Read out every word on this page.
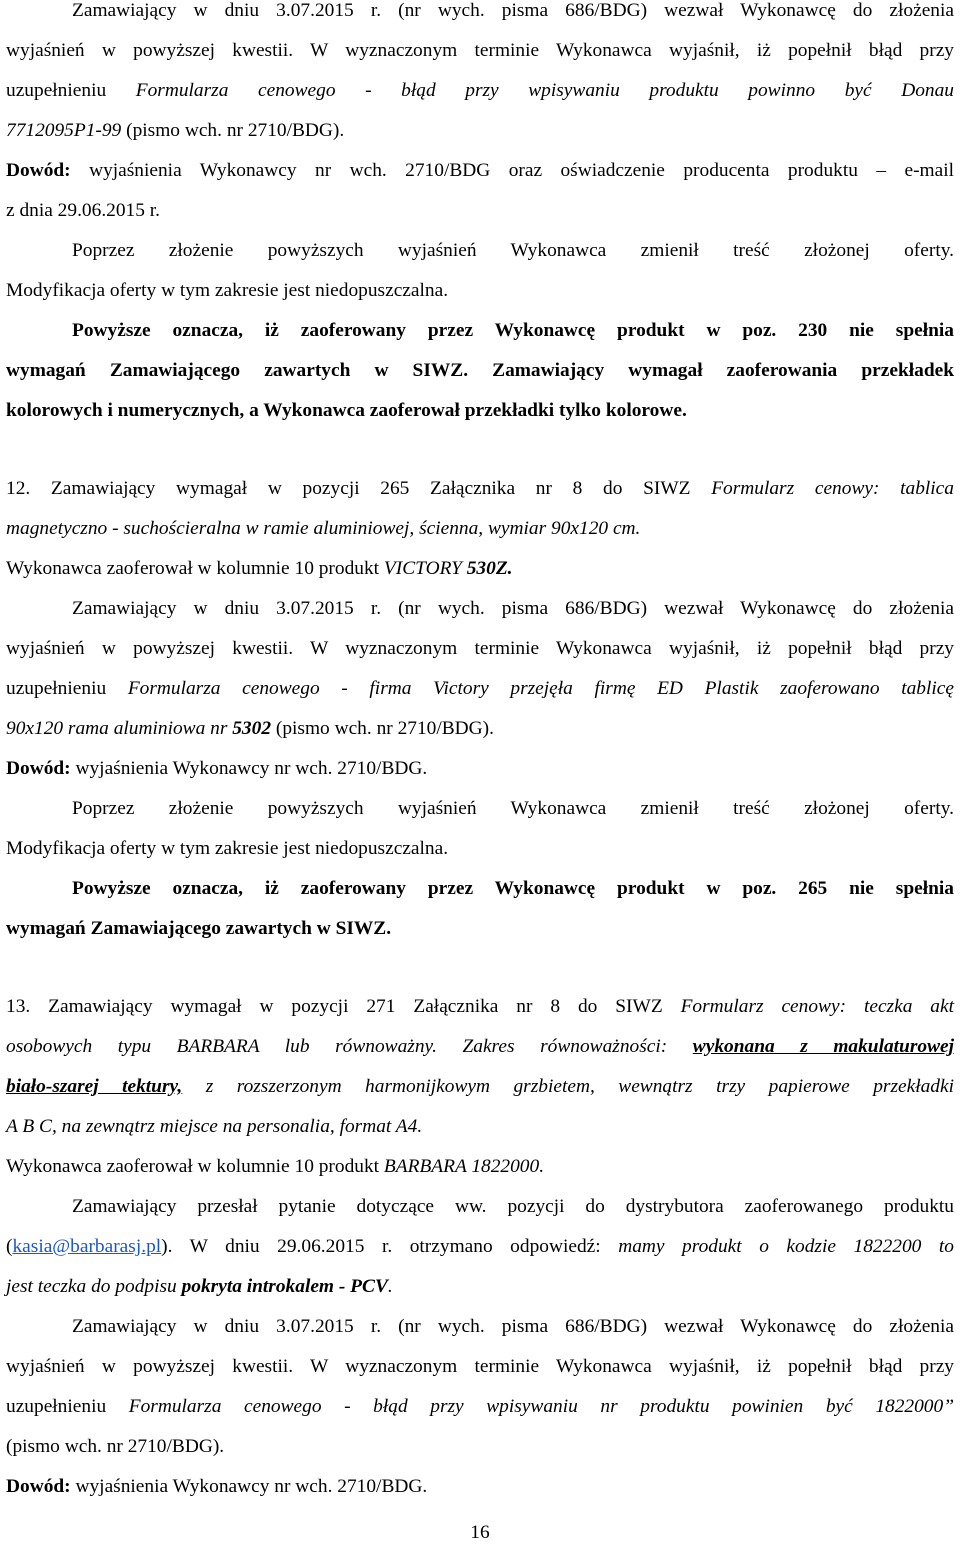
Zamawiający w dniu 3.07.2015 r. (nr wych. pisma 686/BDG) wezwał Wykonawcę do złożenia
wyjaśnień w powyższej kwestii. W wyznaczonym terminie Wykonawca wyjaśnił, iż popełnił błąd przy
uzupełnieniu Formularza cenowego - błąd przy wpisywaniu produktu powinno być Donau
7712095P1-99 (pismo wch. nr 2710/BDG).
Dowód: wyjaśnienia Wykonawcy nr wch. 2710/BDG oraz oświadczenie producenta produktu – e-mail
z dnia 29.06.2015 r.
Poprzez złożenie powyższych wyjaśnień Wykonawca zmienił treść złożonej oferty.
Modyfikacja oferty w tym zakresie jest niedopuszczalna.
Powyższe oznacza, iż zaoferowany przez Wykonawcę produkt w poz. 230 nie spełnia
wymagań Zamawiającego zawartych w SIWZ. Zamawiający wymagał zaoferowania przekładek
kolorowych i numerycznych, a Wykonawca zaoferował przekładki tylko kolorowe.
12. Zamawiający wymagał w pozycji 265 Załącznika nr 8 do SIWZ Formularz cenowy: tablica
magnetyczno - suchościeralna w ramie aluminiowej, ścienna, wymiar 90x120 cm.
Wykonawca zaoferował w kolumnie 10 produkt VICTORY 530Z.
Zamawiający w dniu 3.07.2015 r. (nr wych. pisma 686/BDG) wezwał Wykonawcę do złożenia
wyjaśnień w powyższej kwestii. W wyznaczonym terminie Wykonawca wyjaśnił, iż popełnił błąd przy
uzupełnieniu Formularza cenowego - firma Victory przejęła firmę ED Plastik zaoferowano tablicę
90x120 rama aluminiowa nr 5302 (pismo wch. nr 2710/BDG).
Dowód: wyjaśnienia Wykonawcy nr wch. 2710/BDG.
Poprzez złożenie powyższych wyjaśnień Wykonawca zmienił treść złożonej oferty.
Modyfikacja oferty w tym zakresie jest niedopuszczalna.
Powyższe oznacza, iż zaoferowany przez Wykonawcę produkt w poz. 265 nie spełnia
wymagań Zamawiającego zawartych w SIWZ.
13. Zamawiający wymagał w pozycji 271 Załącznika nr 8 do SIWZ Formularz cenowy: teczka akt
osobowych typu BARBARA lub równoważny. Zakres równoważności: wykonana z makulaturowej
biało-szarej tektury, z rozszerzonym harmonijkowym grzbietem, wewnątrz trzy papierowe przekładki
A B C, na zewnątrz miejsce na personalia, format A4.
Wykonawca zaoferował w kolumnie 10 produkt BARBARA 1822000.
Zamawiający przesłał pytanie dotyczące ww. pozycji do dystrybutora zaoferowanego produktu
(kasia@barbarasj.pl). W dniu 29.06.2015 r. otrzymano odpowiedź: mamy produkt o kodzie 1822200 to
jest teczka do podpisu pokryta introkalem - PCV.
Zamawiający w dniu 3.07.2015 r. (nr wych. pisma 686/BDG) wezwał Wykonawcę do złożenia
wyjaśnień w powyższej kwestii. W wyznaczonym terminie Wykonawca wyjaśnił, iż popełnił błąd przy
uzupełnieniu Formularza cenowego - błąd przy wpisywaniu nr produktu powinien być 1822000”
(pismo wch. nr 2710/BDG).
Dowód: wyjaśnienia Wykonawcy nr wch. 2710/BDG.
16
